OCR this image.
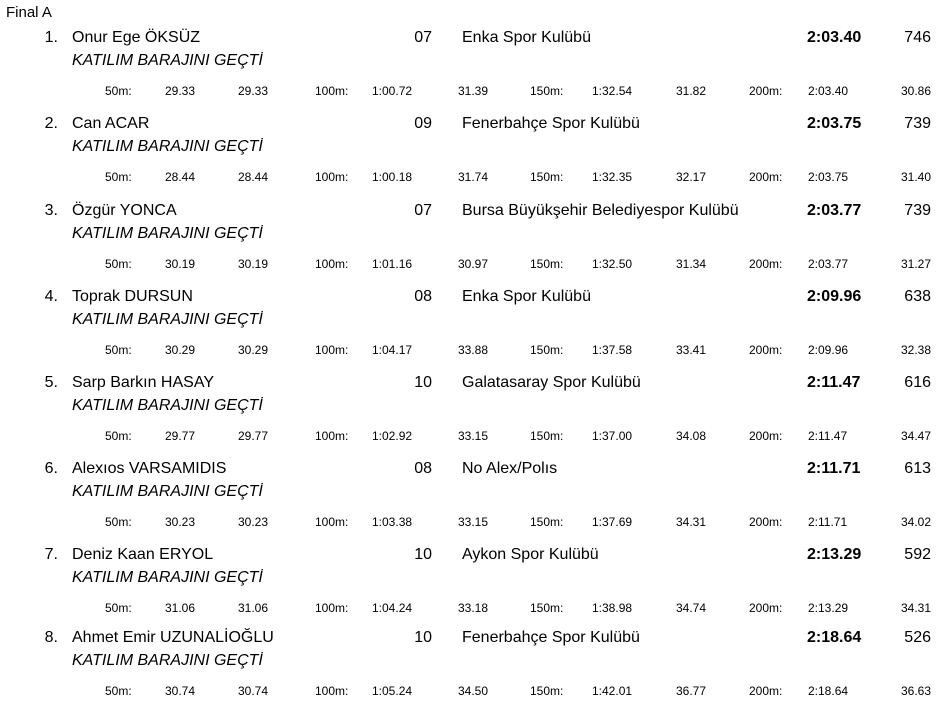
Final A
1. Onur Ege ÖKSÜZ	07 Enka Spor Kulübü	2:03.40	746
KATILIM BARAJINI GEÇTİ
50m:	29.33	29.33	100m: 1:00.72	31.39	150m: 1:32.54	31.82	200m: 2:03.40	30.86
2. Can ACAR	09 Fenerbahçe Spor Kulübü	2:03.75	739
KATILIM BARAJINI GEÇTİ
50m:	28.44	28.44	100m: 1:00.18	31.74	150m: 1:32.35	32.17	200m: 2:03.75	31.40
3. Özgür YONCA	07 Bursa Büyükşehir Belediyespor Kulübü	2:03.77	739
KATILIM BARAJINI GEÇTİ
50m:	30.19	30.19	100m: 1:01.16	30.97	150m: 1:32.50	31.34	200m: 2:03.77	31.27
4. Toprak DURSUN	08 Enka Spor Kulübü	2:09.96	638
KATILIM BARAJINI GEÇTİ
50m:	30.29	30.29	100m: 1:04.17	33.88	150m: 1:37.58	33.41	200m: 2:09.96	32.38
5. Sarp Barkın HASAY	10 Galatasaray Spor Kulübü	2:11.47	616
KATILIM BARAJINI GEÇTİ
50m:	29.77	29.77	100m: 1:02.92	33.15	150m: 1:37.00	34.08	200m: 2:11.47	34.47
6. Alexıos VARSAMIDIS	08 No Alex/Polıs	2:11.71	613
KATILIM BARAJINI GEÇTİ
50m:	30.23	30.23	100m: 1:03.38	33.15	150m: 1:37.69	34.31	200m: 2:11.71	34.02
7. Deniz Kaan ERYOL	10 Aykon Spor Kulübü	2:13.29	592
KATILIM BARAJINI GEÇTİ
50m:	31.06	31.06	100m: 1:04.24	33.18	150m: 1:38.98	34.74	200m: 2:13.29	34.31
8. Ahmet Emir UZUNALİOĞLU	10 Fenerbahçe Spor Kulübü	2:18.64	526
KATILIM BARAJINI GEÇTİ
50m:	30.74	30.74	100m: 1:05.24	34.50	150m: 1:42.01	36.77	200m: 2:18.64	36.63
